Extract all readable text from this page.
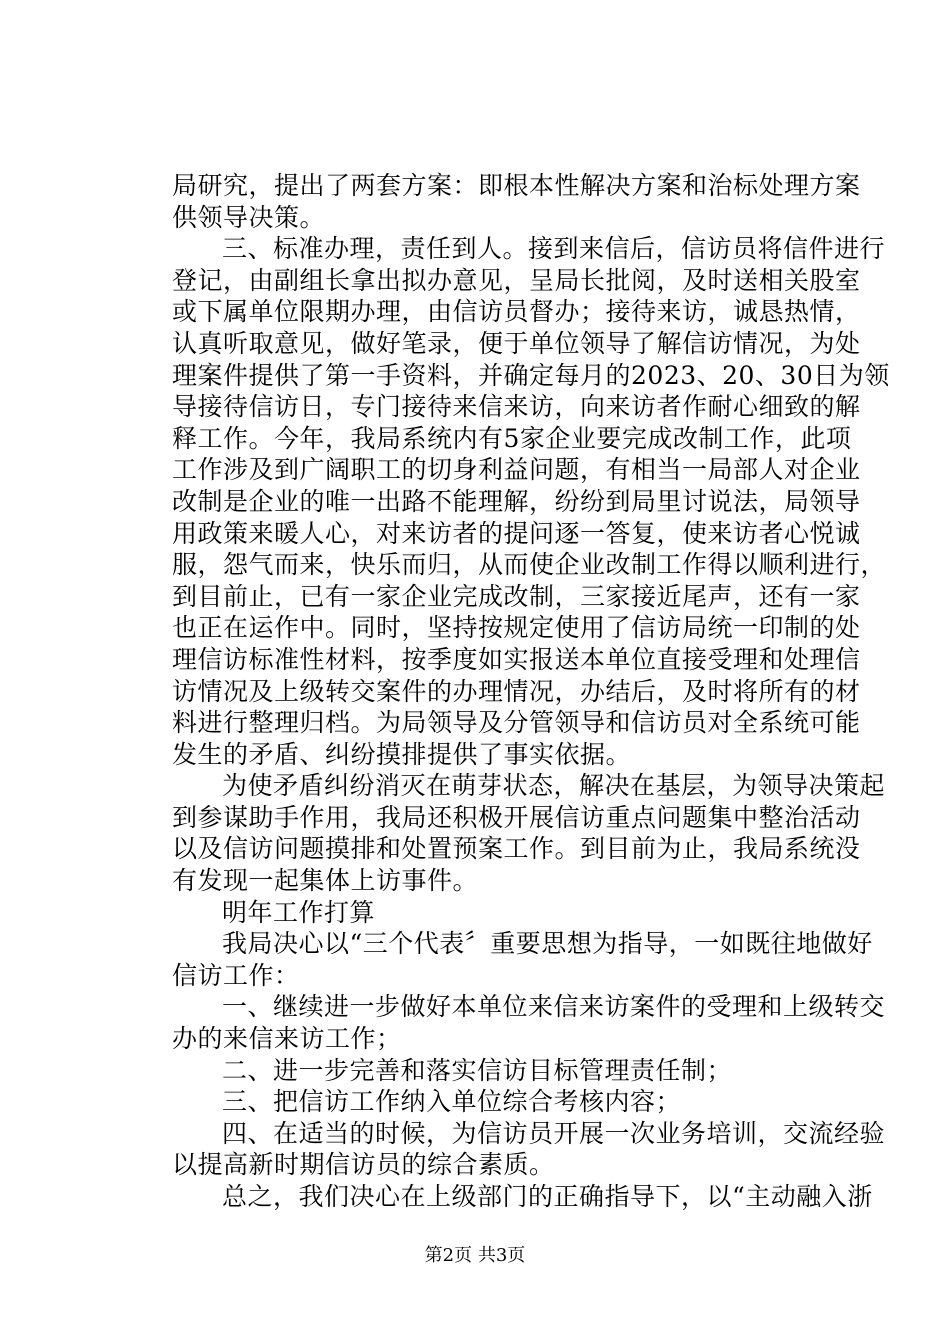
局研究，提出了两套方案：即根本性解决方案和治标处理方案
供领导决策。
三、标准办理，责任到人。接到来信后，信访员将信件进行
登记，由副组长拿出拟办意见，呈局长批阅，及时送相关股室
或下属单位限期办理，由信访员督办；接待来访，诚恳热情，
认真听取意见，做好笔录，便于单位领导了解信访情况，为处
理案件提供了第一手资料，并确定每月的2023、20、30日为领
导接待信访日，专门接待来信来访，向来访者作耐心细致的解
释工作。今年，我局系统内有5家企业要完成改制工作，此项
工作涉及到广阔职工的切身利益问题，有相当一局部人对企业
改制是企业的唯一出路不能理解，纷纷到局里讨说法，局领导
用政策来暖人心，对来访者的提问逐一答复，使来访者心悦诚
服，怨气而来，快乐而归，从而使企业改制工作得以顺利进行，
到目前止，已有一家企业完成改制，三家接近尾声，还有一家
也正在运作中。同时，坚持按规定使用了信访局统一印制的处
理信访标准性材料，按季度如实报送本单位直接受理和处理信
访情况及上级转交案件的办理情况，办结后，及时将所有的材
料进行整理归档。为局领导及分管领导和信访员对全系统可能
发生的矛盾、纠纷摸排提供了事实依据。
为使矛盾纠纷消灭在萌芽状态，解决在基层，为领导决策起
到参谋助手作用，我局还积极开展信访重点问题集中整治活动
以及信访问题摸排和处置预案工作。到目前为止，我局系统没
有发现一起集体上访事件。
明年工作打算
我局决心以“三个代表〞重要思想为指导，一如既往地做好
信访工作：
一、继续进一步做好本单位来信来访案件的受理和上级转交
办的来信来访工作；
二、进一步完善和落实信访目标管理责任制；
三、把信访工作纳入单位综合考核内容；
四、在适当的时候，为信访员开展一次业务培训，交流经验
以提高新时期信访员的综合素质。
总之，我们决心在上级部门的正确指导下，以“主动融入浙
第2页 共3页
